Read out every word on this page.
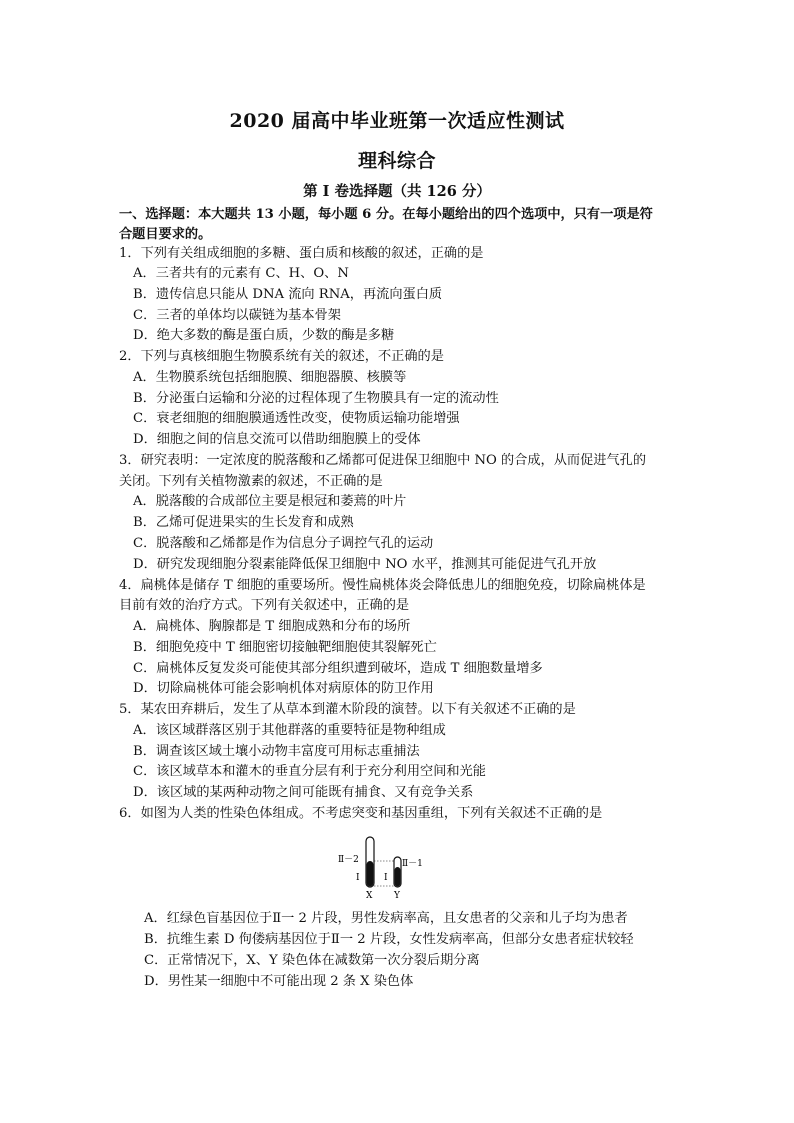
2020 届高中毕业班第一次适应性测试
理科综合
第 I 卷选择题（共 126 分）
一、选择题：本大题共 13 小题，每小题 6 分。在每小题给出的四个选项中，只有一项是符
合题目要求的。
1．下列有关组成细胞的多糖、蛋白质和核酸的叙述，正确的是
A．三者共有的元素有 C、H、O、N
B．遗传信息只能从 DNA 流向 RNA，再流向蛋白质
C．三者的单体均以碳链为基本骨架
D．绝大多数的酶是蛋白质，少数的酶是多糖
2．下列与真核细胞生物膜系统有关的叙述，不正确的是
A．生物膜系统包括细胞膜、细胞器膜、核膜等
B．分泌蛋白运输和分泌的过程体现了生物膜具有一定的流动性
C．衰老细胞的细胞膜通透性改变，使物质运输功能增强
D．细胞之间的信息交流可以借助细胞膜上的受体
3．研究表明：一定浓度的脱落酸和乙烯都可促进保卫细胞中 NO 的合成，从而促进气孔的
关闭。下列有关植物激素的叙述，不正确的是
A．脱落酸的合成部位主要是根冠和萎蔫的叶片
B．乙烯可促进果实的生长发育和成熟
C．脱落酸和乙烯都是作为信息分子调控气孔的运动
D．研究发现细胞分裂素能降低保卫细胞中 NO 水平，推测其可能促进气孔开放
4．扁桃体是储存 T 细胞的重要场所。慢性扁桃体炎会降低患儿的细胞免疫，切除扁桃体是
目前有效的治疗方式。下列有关叙述中，正确的是
A．扁桃体、胸腺都是 T 细胞成熟和分布的场所
B．细胞免疫中 T 细胞密切接触靶细胞使其裂解死亡
C．扁桃体反复发炎可能使其部分组织遭到破坏，造成 T 细胞数量增多
D．切除扁桃体可能会影响机体对病原体的防卫作用
5．某农田弃耕后，发生了从草本到灌木阶段的演替。以下有关叙述不正确的是
A．该区域群落区别于其他群落的重要特征是物种组成
B．调查该区域土壤小动物丰富度可用标志重捕法
C．该区域草本和灌木的垂直分层有利于充分利用空间和光能
D．该区域的某两种动物之间可能既有捕食、又有竞争关系
6．如图为人类的性染色体组成。不考虑突变和基因重组，下列有关叙述不正确的是
Ⅱ－2
Ⅰ
Ⅱ－1
Ⅰ
X Y
A．红绿色盲基因位于Ⅱ一 2 片段，男性发病率高，且女患者的父亲和儿子均为患者
B．抗维生素 D 佝偻病基因位于Ⅱ一 2 片段，女性发病率高，但部分女患者症状较轻
C．正常情况下，X、Y 染色体在减数第一次分裂后期分离
D．男性某一细胞中不可能出现 2 条 X 染色体
